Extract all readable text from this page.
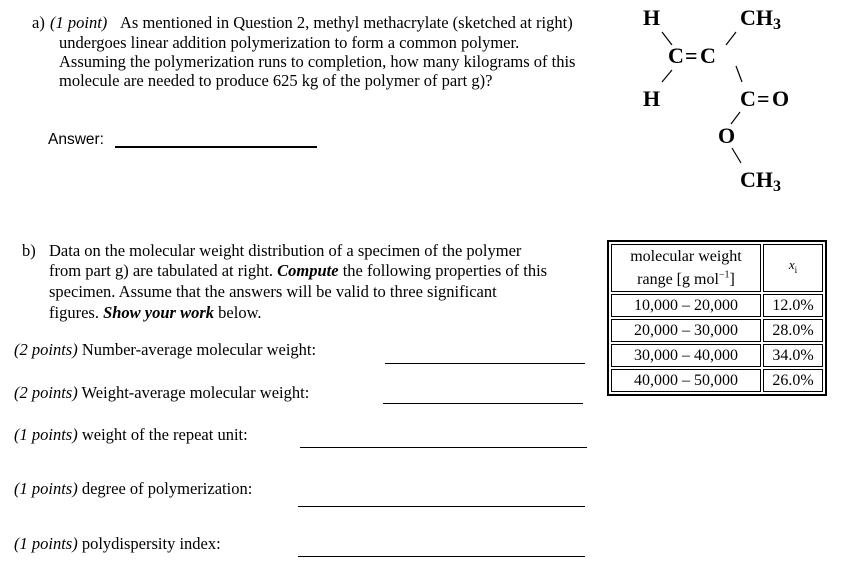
a) (1 point) As mentioned in Question 2, methyl methacrylate (sketched at right)
undergoes linear addition polymerization to form a common polymer.
Assuming the polymerization runs to completion, how many kilograms of this
molecule are needed to produce 625 kg of the polymer of part g)?
Answer:
H
H
C = C
$CH_3$
C = O
O
$CH_3$
b) Data on the molecular weight distribution of a specimen of the polymer
from part g) are tabulated at right. Compute the following properties of this
specimen. Assume that the answers will be valid to three significant
figures. Show your work below.
(2 points) Number-average molecular weight:
(2 points) Weight-average molecular weight:
(1 points) weight of the repeat unit:
(1 points) degree of polymerization:
(1 points) polydispersity index:
molecular weight
range [g mol$^{-1}$]	$x_i$
10,000 – 20,000	12.0%
20,000 – 30,000	28.0%
30,000 – 40,000	34.0%
40,000 – 50,000	26.0%
